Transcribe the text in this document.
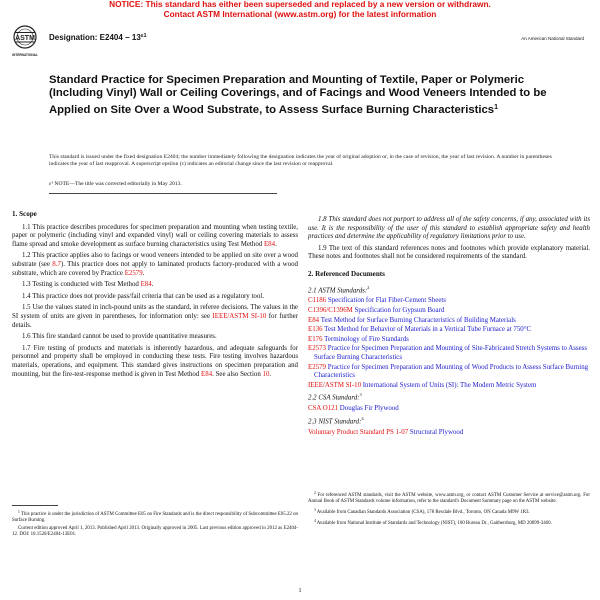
NOTICE: This standard has either been superseded and replaced by a new version or withdrawn.
Contact ASTM International (www.astm.org) for the latest information
ASTM
INTERNATIONAL
Designation: $E2404 - 13^{\varepsilon 1}$	An American National Standard
Standard Practice for Specimen Preparation and Mounting of Textile, Paper or Polymeric (Including Vinyl) Wall or Ceiling Coverings, and of Facings and Wood Veneers Intended to be Applied on Site Over a Wood Substrate, to Assess Surface Burning Characteristics$^1$
This standard is issued under the fixed designation E2404; the number immediately following the designation indicates the year of original adoption or, in the case of revision, the year of last revision. A number in parentheses indicates the year of last reapproval. A superscript epsilon (ε) indicates an editorial change since the last revision or reapproval.
ε¹ NOTE—The title was corrected editorially in May 2013.
1. Scope

1.1 This practice describes procedures for specimen preparation and mounting when testing textile, paper or polymeric (including vinyl and expanded vinyl) wall or ceiling covering materials to assess flame spread and smoke development as surface burning characteristics using Test Method E84.

1.2 This practice applies also to facings or wood veneers intended to be applied on site over a wood substrate (see 8.7). This practice does not apply to laminated products factory-produced with a wood substrate, which are covered by Practice E2579.

1.3 Testing is conducted with Test Method E84.

1.4 This practice does not provide pass/fail criteria that can be used as a regulatory tool.

1.5 Use the values stated in inch-pound units as the standard, in referee decisions. The values in the SI system of units are given in parentheses, for information only: see IEEE/ASTM SI-10 for further details.

1.6 This fire standard cannot be used to provide quantitative measures.

1.7 Fire testing of products and materials is inherently hazardous, and adequate safeguards for personnel and property shall be employed in conducting these tests. Fire testing involves hazardous materials, operations, and equipment. This standard gives instructions on specimen preparation and mounting, but the fire-test-response method is given in Test Method E84. See also Section 10.

1.8 This standard does not purport to address all of the safety concerns, if any, associated with its use. It is the responsibility of the user of this standard to establish appropriate safety and health practices and determine the applicability of regulatory limitations prior to use.

1.9 The text of this standard references notes and footnotes which provide explanatory material. These notes and footnotes shall not be considered requirements of the standard.

2. Referenced Documents
2.1 ASTM Standards:$^2$
C1186 Specification for Flat Fiber-Cement Sheets
C1396/C1396M Specification for Gypsum Board
E84 Test Method for Surface Burning Characteristics of Building Materials
E136 Test Method for Behavior of Materials in a Vertical Tube Furnace at 750°C
E176 Terminology of Fire Standards
E2573 Practice for Specimen Preparation and Mounting of Site-Fabricated Stretch Systems to Assess Surface Burning Characteristics
E2579 Practice for Specimen Preparation and Mounting of Wood Products to Assess Surface Burning Characteristics
IEEE/ASTM SI-10 International System of Units (SI): The Modern Metric System
2.2 CSA Standard:$^3$
CSA O121 Douglas Fir Plywood
2.3 NIST Standard:$^4$
Voluntary Product Standard PS 1-07 Structural Plywood

$^1$ This practice is under the jurisdiction of ASTM Committee E05 on Fire Standards and is the direct responsibility of Subcommittee E05.22 on Surface Burning.

Current edition approved April 1, 2013. Published April 2013. Originally approved in 2005. Last previous edition approved in 2012 as E2404-12. DOI: 10.1520/E2404-13E01.

$^2$ For referenced ASTM standards, visit the ASTM website, www.astm.org, or contact ASTM Customer Service at service@astm.org. For Annual Book of ASTM Standards volume information, refer to the standard's Document Summary page on the ASTM website.

$^3$ Available from Canadian Standards Association (CSA), 178 Rexdale Blvd., Toronto, ON Canada M9W 1R3.

$^4$ Available from National Institute of Standards and Technology (NIST), 100 Bureau Dr., Gaithersburg, MD 20899-3460.

1
